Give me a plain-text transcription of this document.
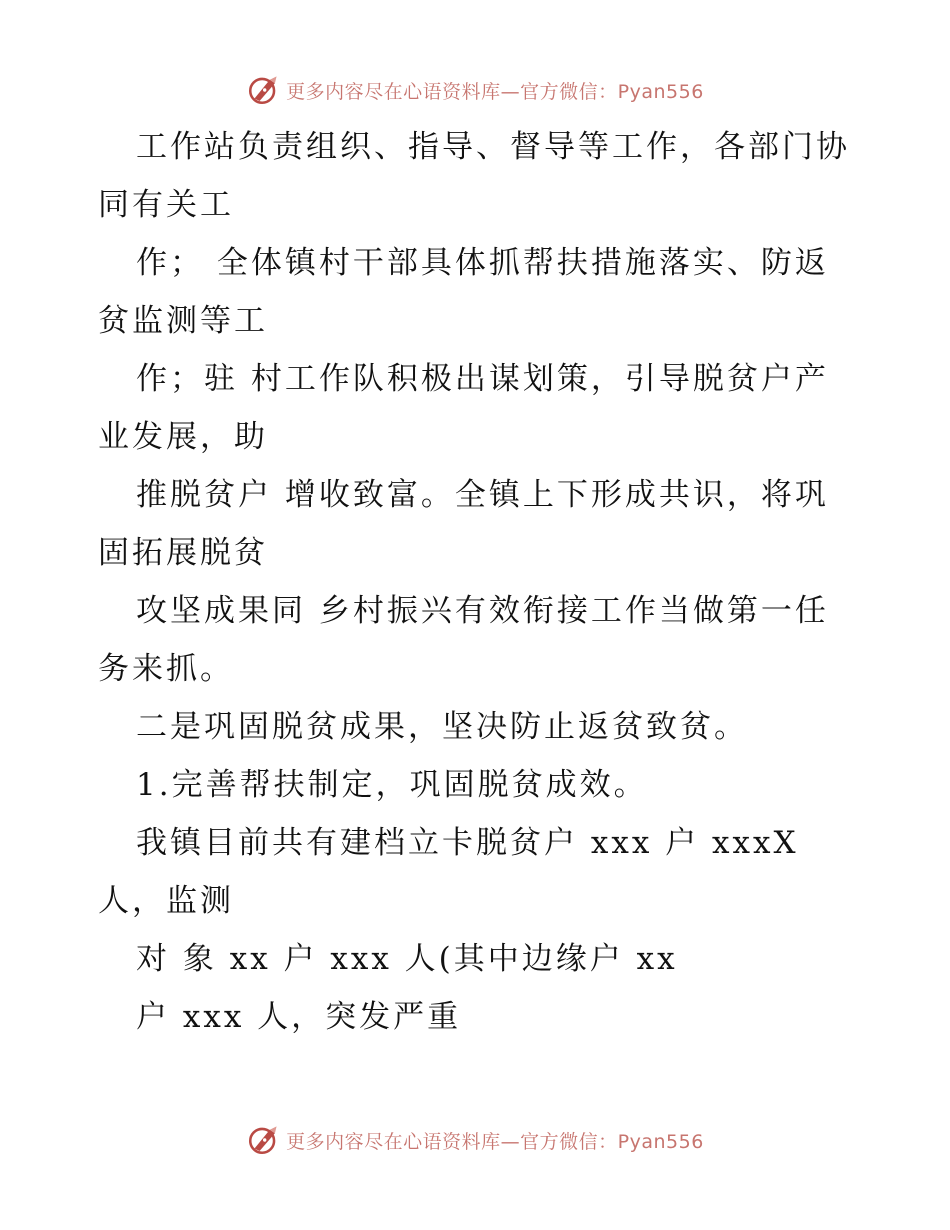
更多内容尽在心语资料库—官方微信：Pyan556
工作站负责组织、指导、督导等工作，各部门协
同有关工
作； 全体镇村干部具体抓帮扶措施落实、防返
贫监测等工
作；驻 村工作队积极出谋划策，引导脱贫户产
业发展，助
推脱贫户 增收致富。全镇上下形成共识，将巩
固拓展脱贫
攻坚成果同 乡村振兴有效衔接工作当做第一任
务来抓。
二是巩固脱贫成果，坚决防止返贫致贫。
1.完善帮扶制定，巩固脱贫成效。
我镇目前共有建档立卡脱贫户 xxx 户 xxxX
人，监测
对 象 xx 户 xxx 人(其中边缘户 xx
户 xxx 人，突发严重
更多内容尽在心语资料库—官方微信：Pyan556
